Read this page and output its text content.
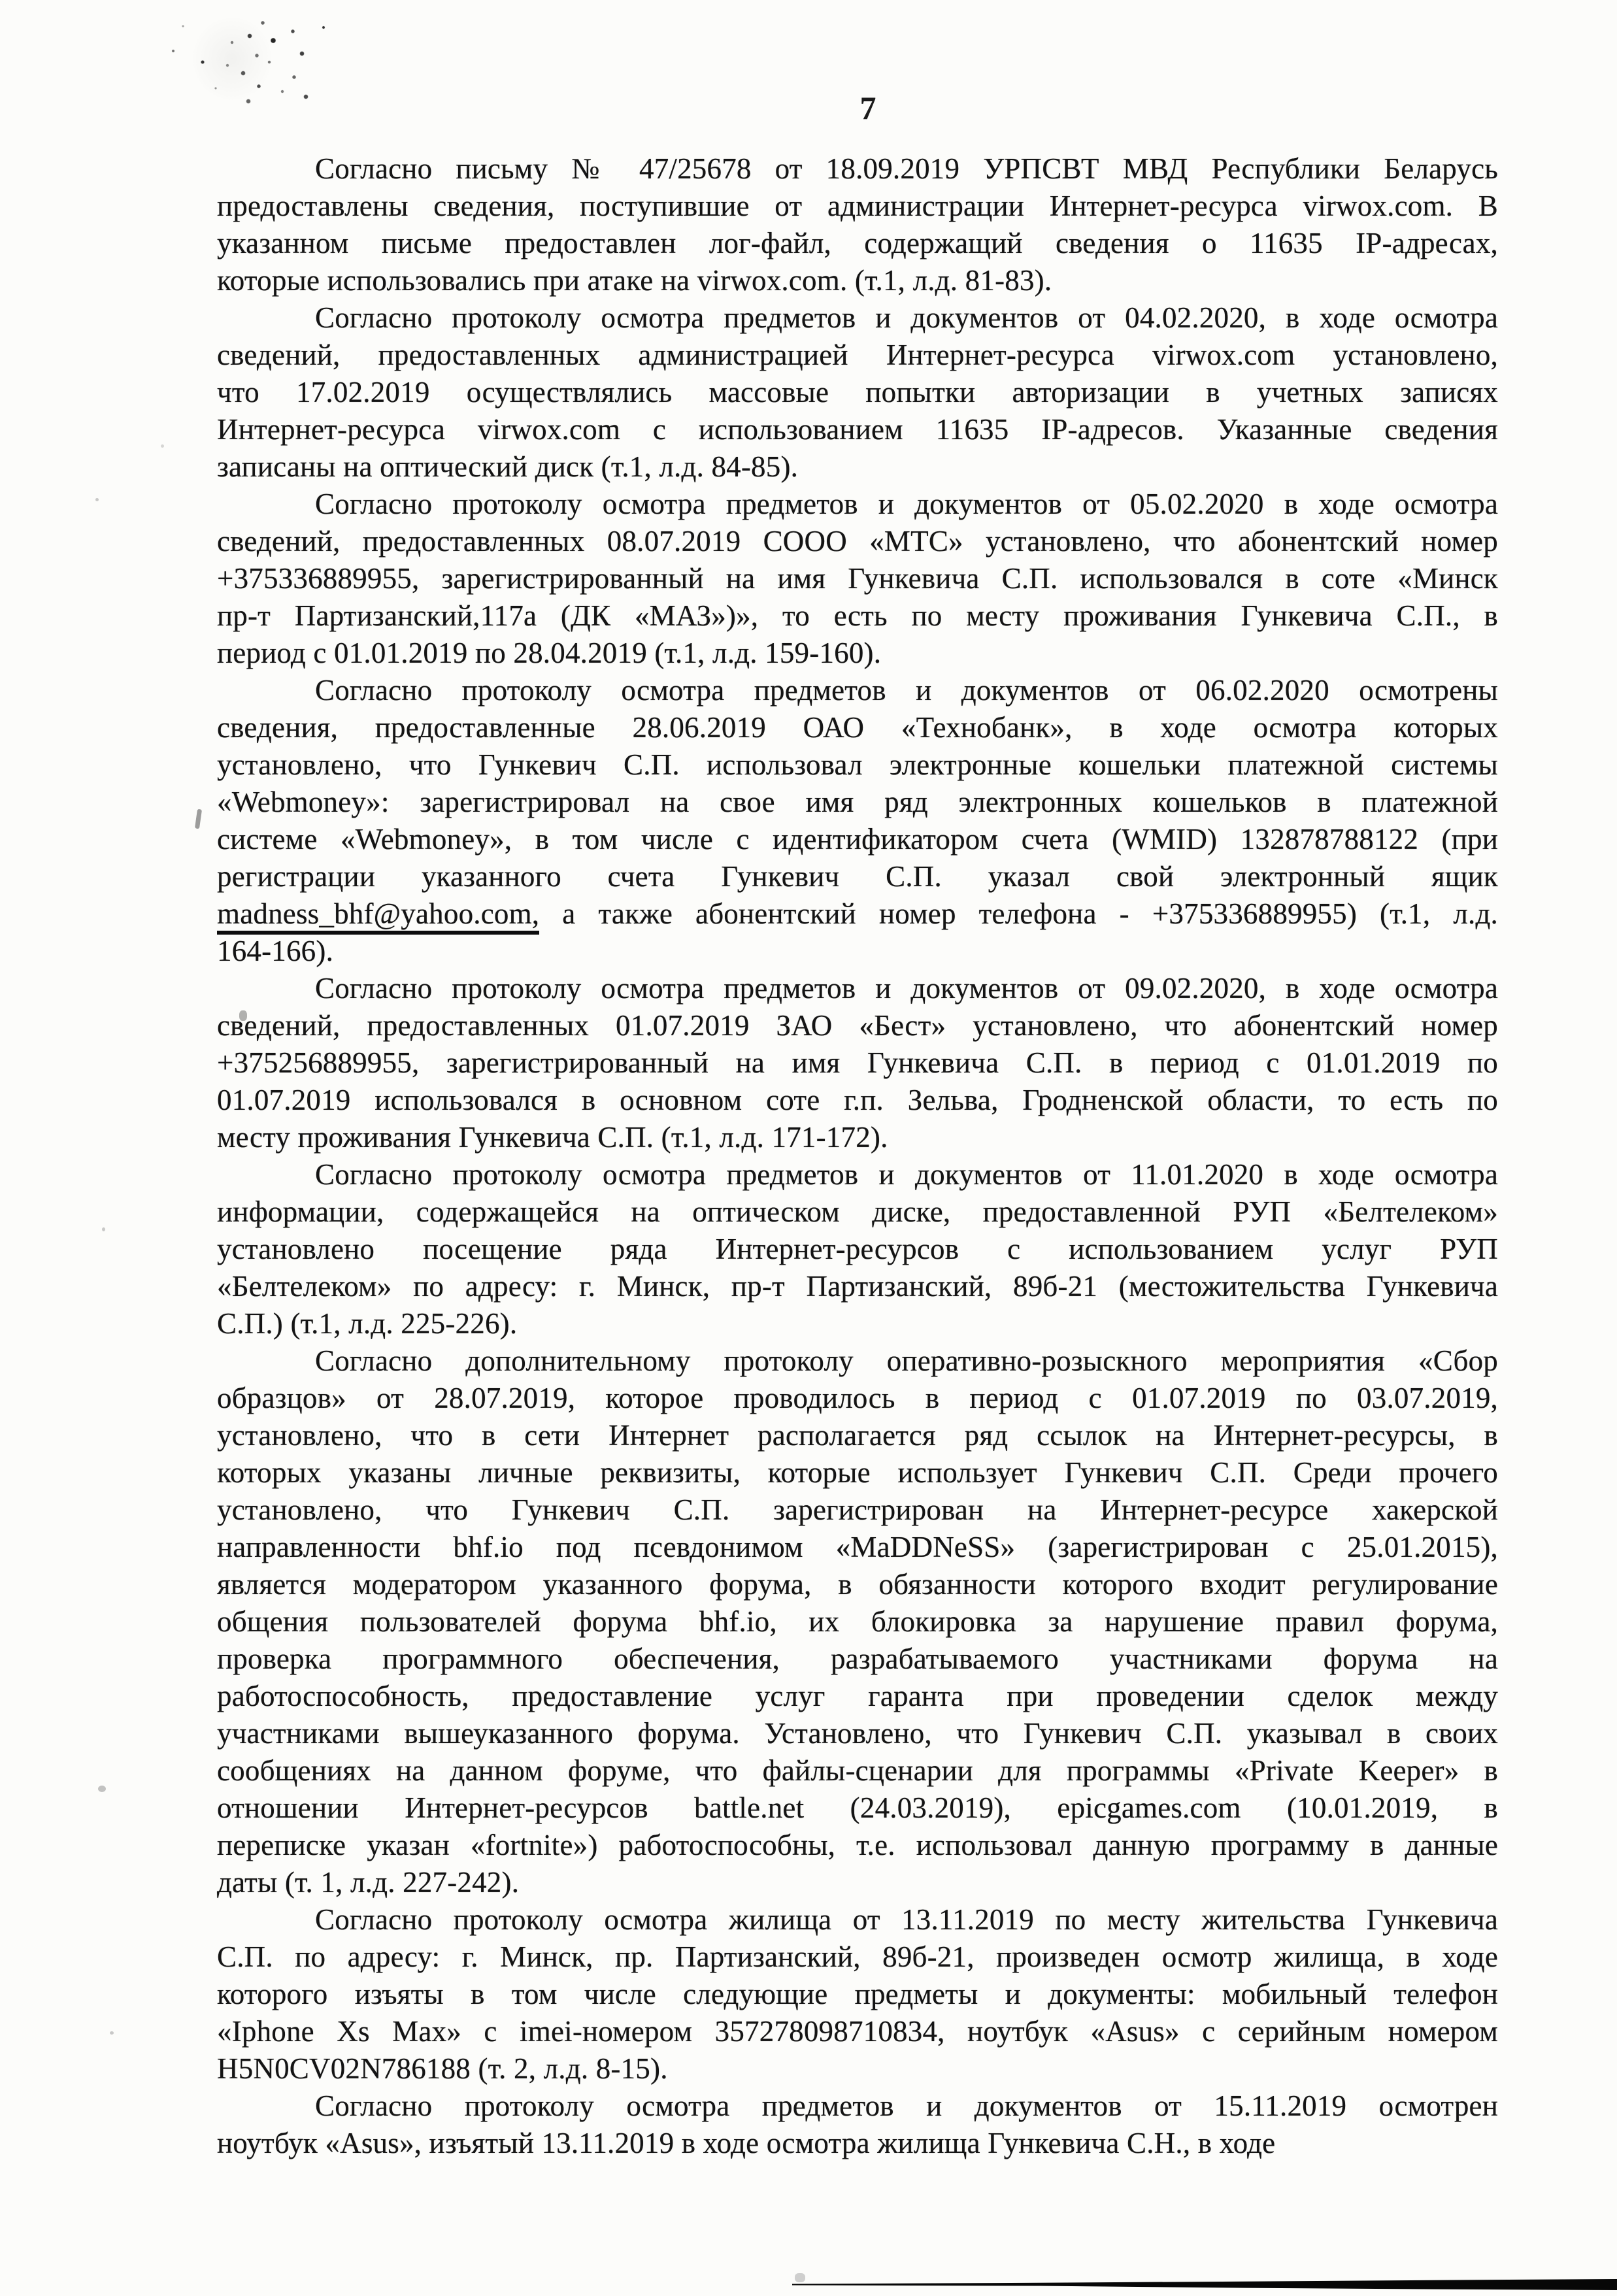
7
Согласно письму № 47/25678 от 18.09.2019 УРПСВТ МВД Республики Беларусь
предоставлены сведения, поступившие от администрации Интернет-ресурса virwox.com. В
указанном письме предоставлен лог-файл, содержащий сведения о 11635 IP-адресах,
которые использовались при атаке на virwox.com. (т.1, л.д. 81-83).
Согласно протоколу осмотра предметов и документов от 04.02.2020, в ходе осмотра
сведений, предоставленных администрацией Интернет-ресурса virwox.com установлено,
что 17.02.2019 осуществлялись массовые попытки авторизации в учетных записях
Интернет-ресурса virwox.com с использованием 11635 IP-адресов. Указанные сведения
записаны на оптический диск (т.1, л.д. 84-85).
Согласно протоколу осмотра предметов и документов от 05.02.2020 в ходе осмотра
сведений, предоставленных 08.07.2019 СООО «МТС» установлено, что абонентский номер
+375336889955, зарегистрированный на имя Гункевича С.П. использовался в соте «Минск
пр-т Партизанский,117а (ДК «МАЗ»)», то есть по месту проживания Гункевича С.П., в
период с 01.01.2019 по 28.04.2019 (т.1, л.д. 159-160).
Согласно протоколу осмотра предметов и документов от 06.02.2020 осмотрены
сведения, предоставленные 28.06.2019 ОАО «Технобанк», в ходе осмотра которых
установлено, что Гункевич С.П. использовал электронные кошельки платежной системы
«Webmoney»: зарегистрировал на свое имя ряд электронных кошельков в платежной
системе «Webmoney», в том числе с идентификатором счета (WMID) 132878788122 (при
регистрации указанного счета Гункевич С.П. указал свой электронный ящик
madness_bhf@yahoo.com, а также абонентский номер телефона - +375336889955) (т.1, л.д.
164-166).
Согласно протоколу осмотра предметов и документов от 09.02.2020, в ходе осмотра
сведений, предоставленных 01.07.2019 ЗАО «Бест» установлено, что абонентский номер
+375256889955, зарегистрированный на имя Гункевича С.П. в период с 01.01.2019 по
01.07.2019 использовался в основном соте г.п. Зельва, Гродненской области, то есть по
месту проживания Гункевича С.П. (т.1, л.д. 171-172).
Согласно протоколу осмотра предметов и документов от 11.01.2020 в ходе осмотра
информации, содержащейся на оптическом диске, предоставленной РУП «Белтелеком»
установлено посещение ряда Интернет-ресурсов с использованием услуг РУП
«Белтелеком» по адресу: г. Минск, пр-т Партизанский, 89б-21 (местожительства Гункевича
С.П.) (т.1, л.д. 225-226).
Согласно дополнительному протоколу оперативно-розыскного мероприятия «Сбор
образцов» от 28.07.2019, которое проводилось в период с 01.07.2019 по 03.07.2019,
установлено, что в сети Интернет располагается ряд ссылок на Интернет-ресурсы, в
которых указаны личные реквизиты, которые использует Гункевич С.П. Среди прочего
установлено, что Гункевич С.П. зарегистрирован на Интернет-ресурсе хакерской
направленности bhf.io под псевдонимом «MaDDNeSS» (зарегистрирован с 25.01.2015),
является модератором указанного форума, в обязанности которого входит регулирование
общения пользователей форума bhf.io, их блокировка за нарушение правил форума,
проверка программного обеспечения, разрабатываемого участниками форума на
работоспособность, предоставление услуг гаранта при проведении сделок между
участниками вышеуказанного форума. Установлено, что Гункевич С.П. указывал в своих
сообщениях на данном форуме, что файлы-сценарии для программы «Private Keeper» в
отношении Интернет-ресурсов battle.net (24.03.2019), epicgames.com (10.01.2019, в
переписке указан «fortnite») работоспособны, т.е. использовал данную программу в данные
даты (т. 1, л.д. 227-242).
Согласно протоколу осмотра жилища от 13.11.2019 по месту жительства Гункевича
С.П. по адресу: г. Минск, пр. Партизанский, 89б-21, произведен осмотр жилища, в ходе
которого изъяты в том числе следующие предметы и документы: мобильный телефон
«Iphone Xs Max» с imei-номером 357278098710834, ноутбук «Asus» с серийным номером
H5N0CV02N786188 (т. 2, л.д. 8-15).
Согласно протоколу осмотра предметов и документов от 15.11.2019 осмотрен
ноутбук «Asus», изъятый 13.11.2019 в ходе осмотра жилища Гункевича С.Н., в ходе
